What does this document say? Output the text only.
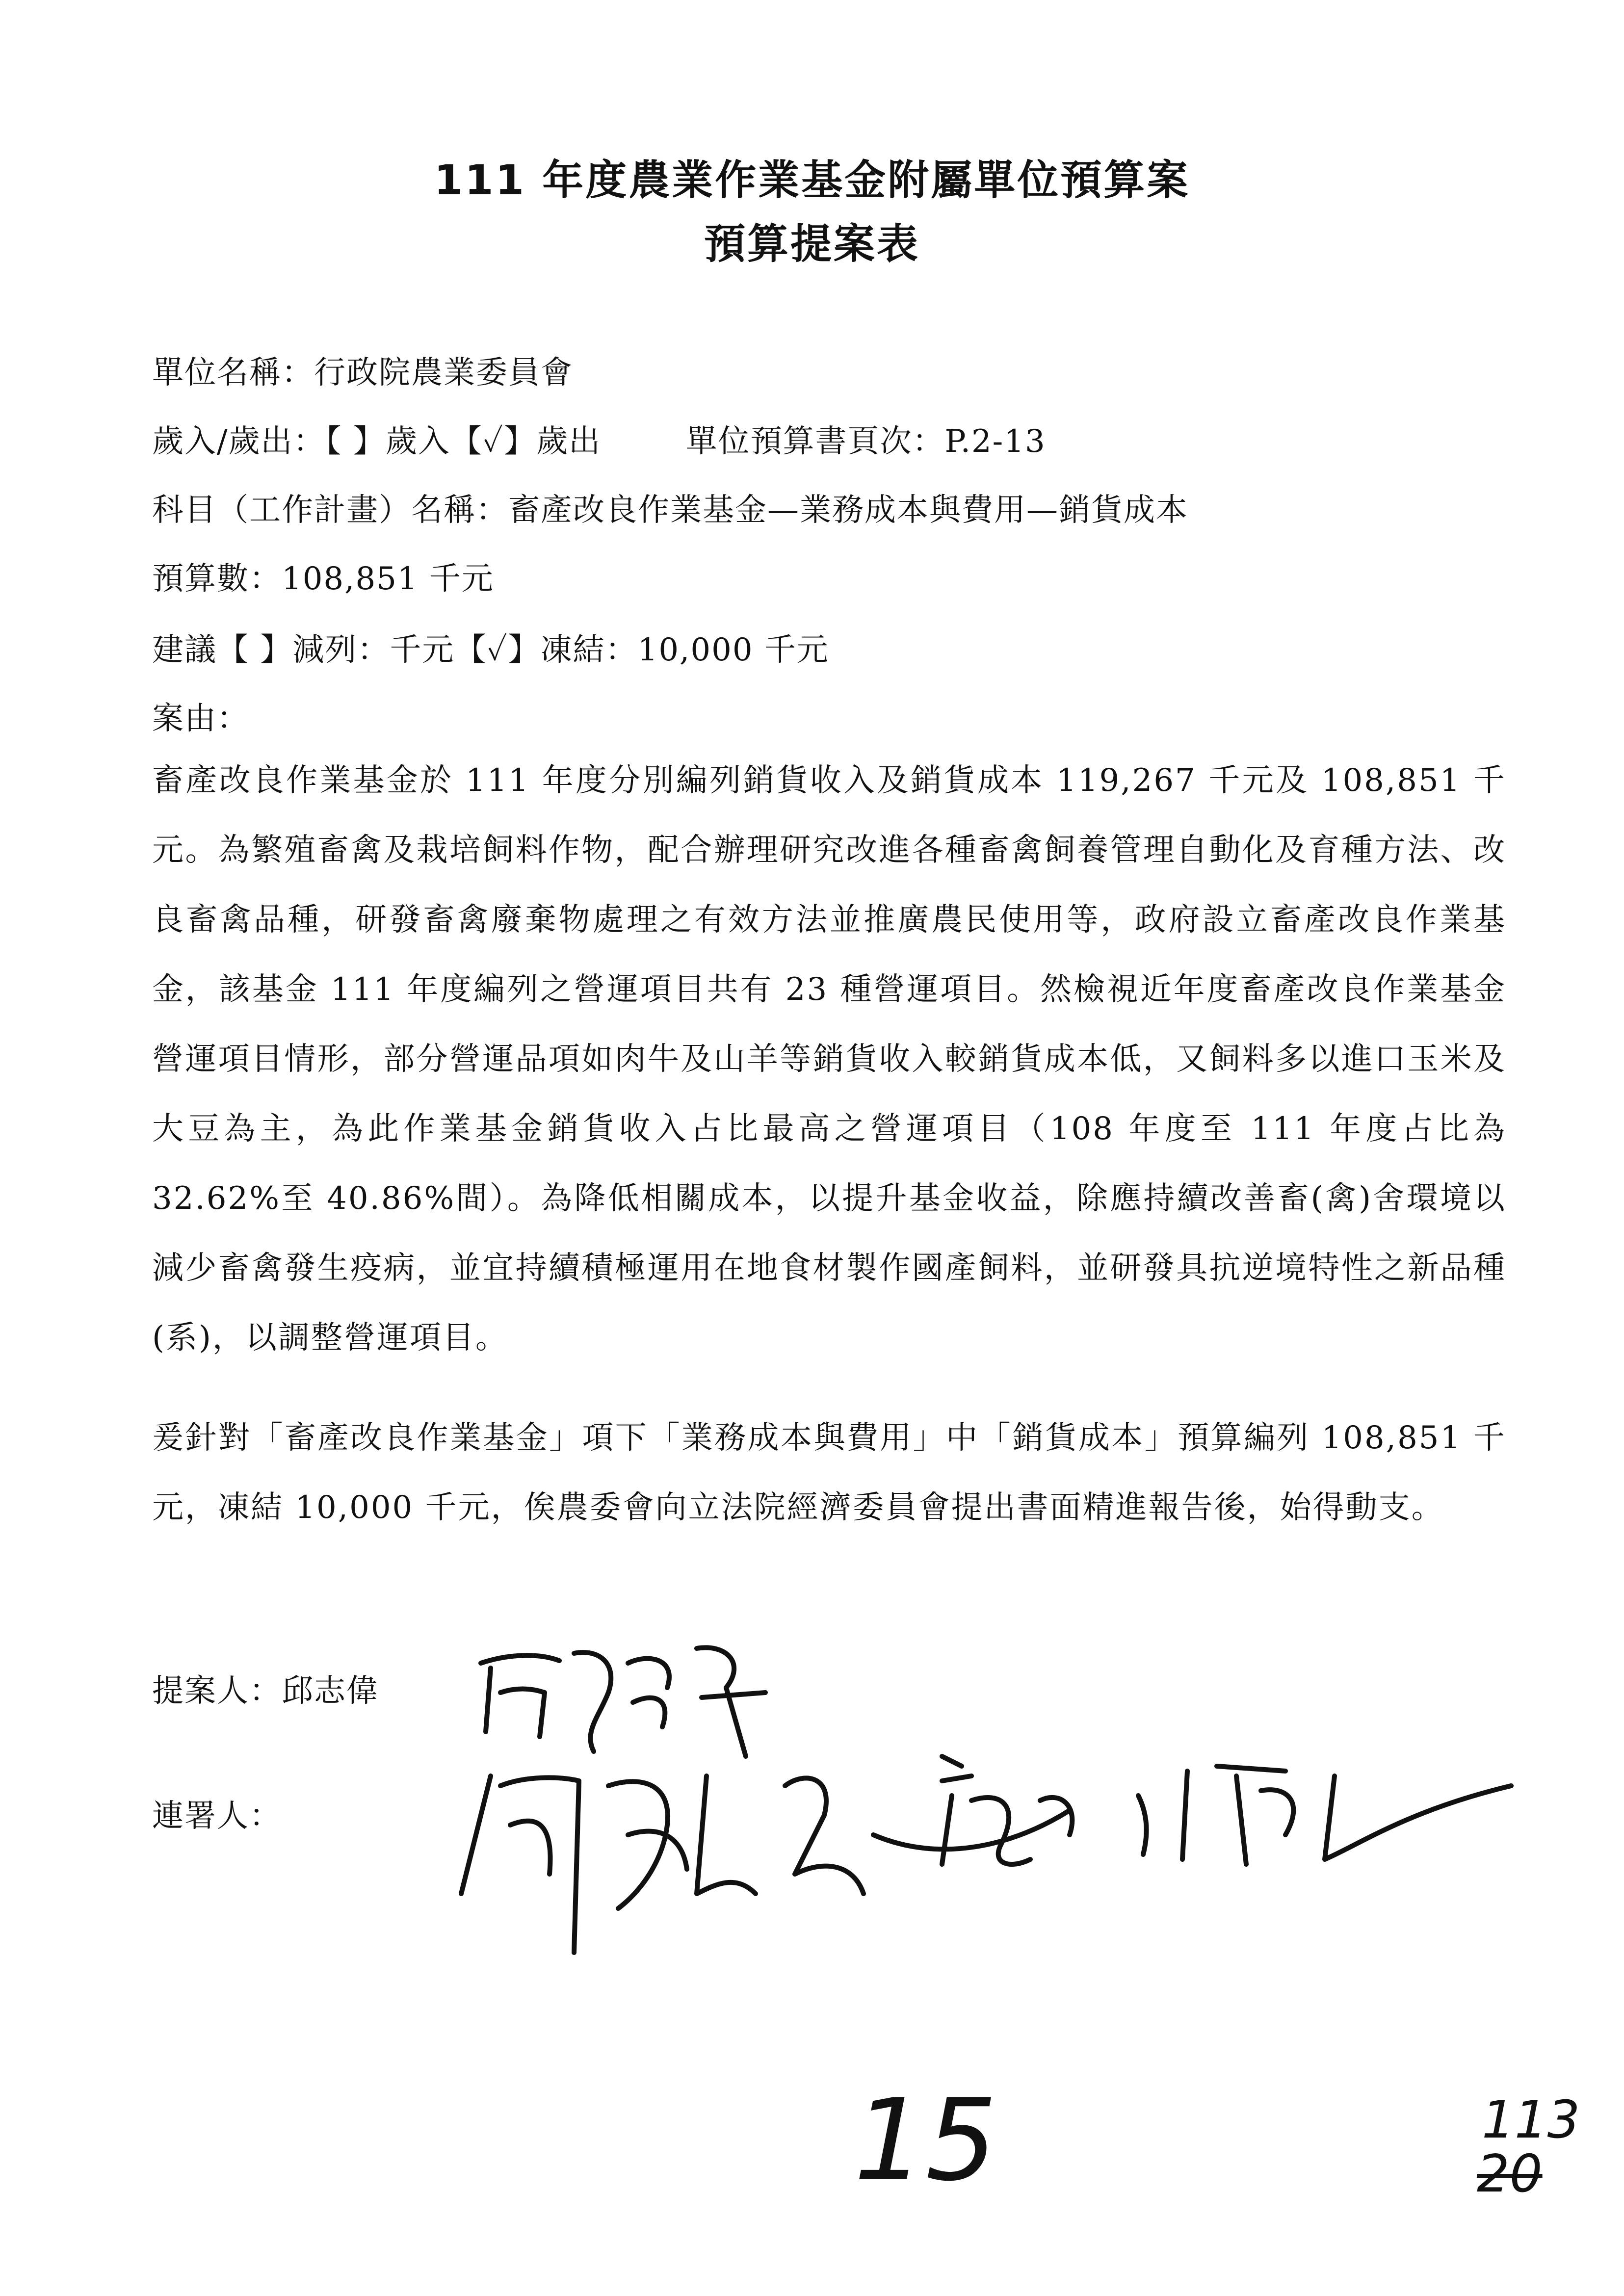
111 年度農業作業基金附屬單位預算案
預算提案表
單位名稱：行政院農業委員會
歲入/歲出：【 】歲入【✓】歲出	單位預算書頁次：P.2-13
科目（工作計畫）名稱：畜產改良作業基金—業務成本與費用—銷貨成本
預算數：108,851 千元
建議【 】減列：千元【✓】凍結：10,000 千元
案由：

畜產改良作業基金於 111 年度分別編列銷貨收入及銷貨成本 119,267 千元及 108,851 千元。為繁殖畜禽及栽培飼料作物，配合辦理研究改進各種畜禽飼養管理自動化及育種方法、改良畜禽品種，研發畜禽廢棄物處理之有效方法並推廣農民使用等，政府設立畜產改良作業基金，該基金 111 年度編列之營運項目共有 23 種營運項目。然檢視近年度畜產改良作業基金營運項目情形，部分營運品項如肉牛及山羊等銷貨收入較銷貨成本低，又飼料多以進口玉米及大豆為主，為此作業基金銷貨收入占比最高之營運項目（108 年度至 111 年度占比為 32.62%至 40.86%間）。為降低相關成本，以提升基金收益，除應持續改善畜(禽)舍環境以減少畜禽發生疫病，並宜持續積極運用在地食材製作國產飼料，並研發具抗逆境特性之新品種(系)，以調整營運項目。

爰針對「畜產改良作業基金」項下「業務成本與費用」中「銷貨成本」預算編列 108,851 千元，凍結 10,000 千元，俟農委會向立法院經濟委員會提出書面精進報告後，始得動支。

提案人：邱志偉
連署人：
15	113
20
